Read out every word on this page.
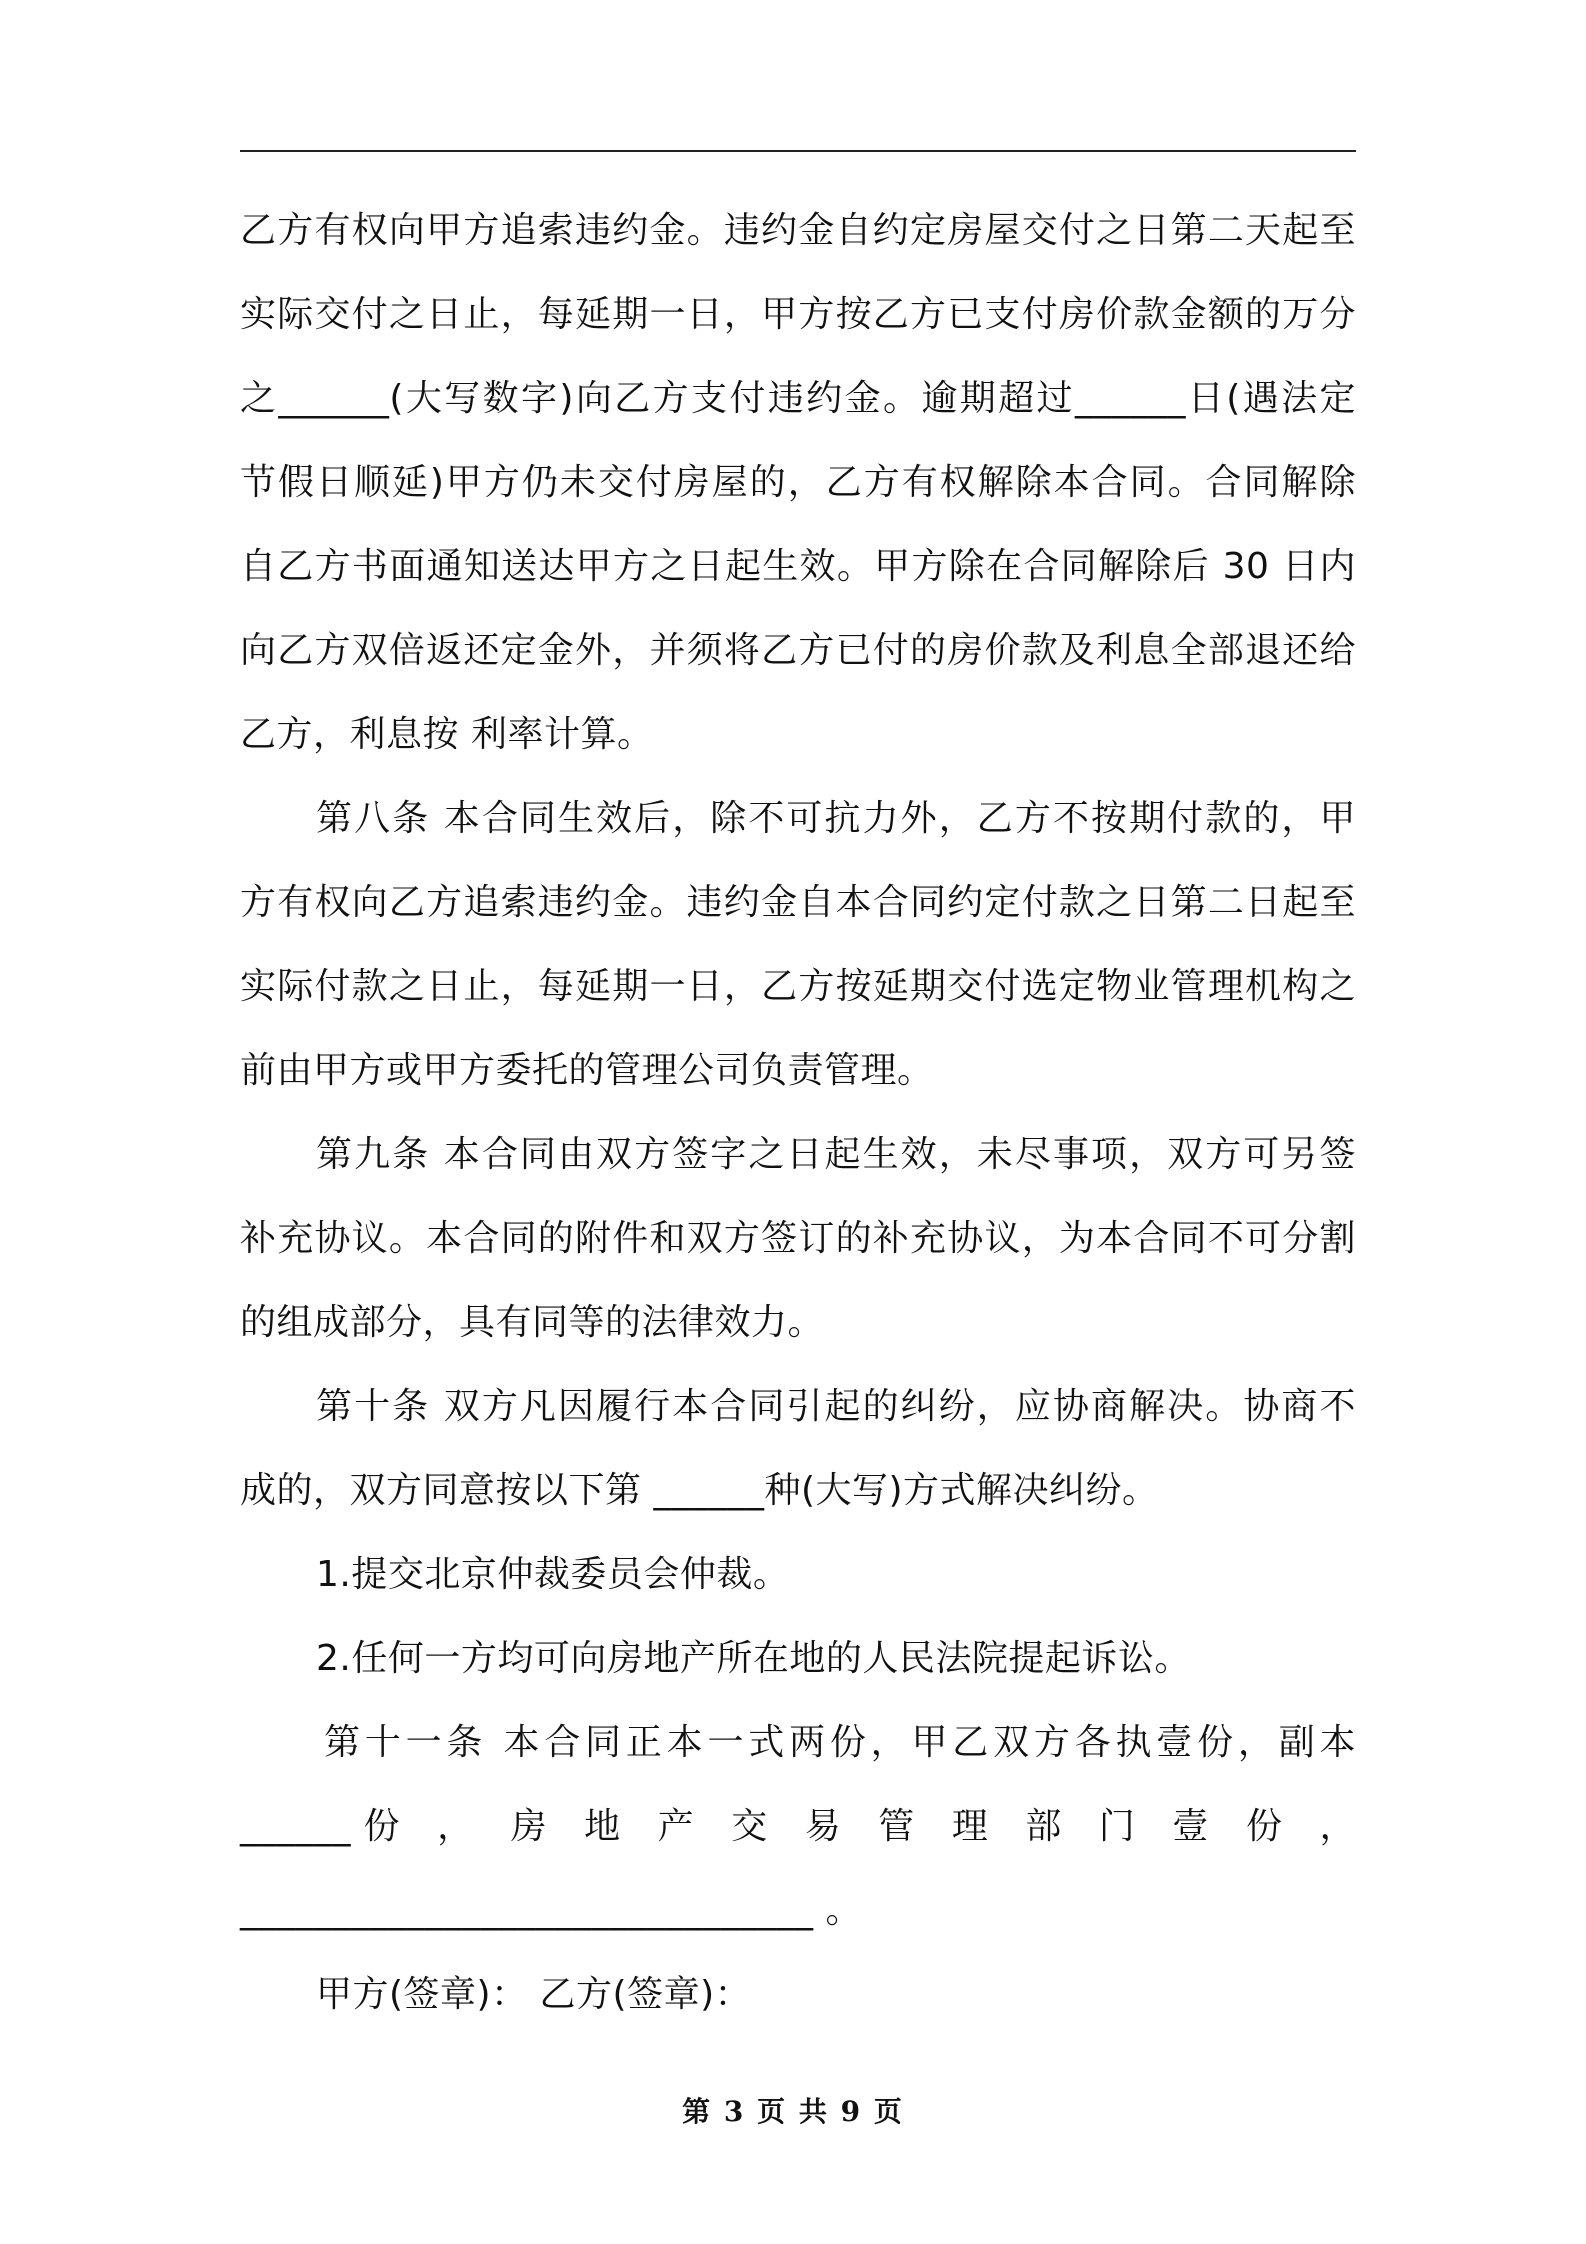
乙方有权向甲方追索违约金。违约金自约定房屋交付之日第二天起至
实际交付之日止，每延期一日，甲方按乙方已支付房价款金额的万分
之______(大写数字)向乙方支付违约金。逾期超过______日(遇法定
节假日顺延)甲方仍未交付房屋的，乙方有权解除本合同。合同解除
自乙方书面通知送达甲方之日起生效。甲方除在合同解除后 30 日内
向乙方双倍返还定金外，并须将乙方已付的房价款及利息全部退还给
乙方，利息按 利率计算。
第八条 本合同生效后，除不可抗力外，乙方不按期付款的，甲
方有权向乙方追索违约金。违约金自本合同约定付款之日第二日起至
实际付款之日止，每延期一日，乙方按延期交付选定物业管理机构之
前由甲方或甲方委托的管理公司负责管理。
第九条 本合同由双方签字之日起生效，未尽事项，双方可另签
补充协议。本合同的附件和双方签订的补充协议，为本合同不可分割
的组成部分，具有同等的法律效力。
第十条 双方凡因履行本合同引起的纠纷，应协商解决。协商不
成的，双方同意按以下第 ______种(大写)方式解决纠纷。
1.提交北京仲裁委员会仲裁。
2.任何一方均可向房地产所在地的人民法院提起诉讼。
第十一条 本合同正本一式两份，甲乙双方各执壹份，副本
______份 ， 房 地 产 交 易 管 理 部 门 壹 份 ，
_______________________________ 。
甲方(签章)： 乙方(签章)：
第 3 页 共 9 页
